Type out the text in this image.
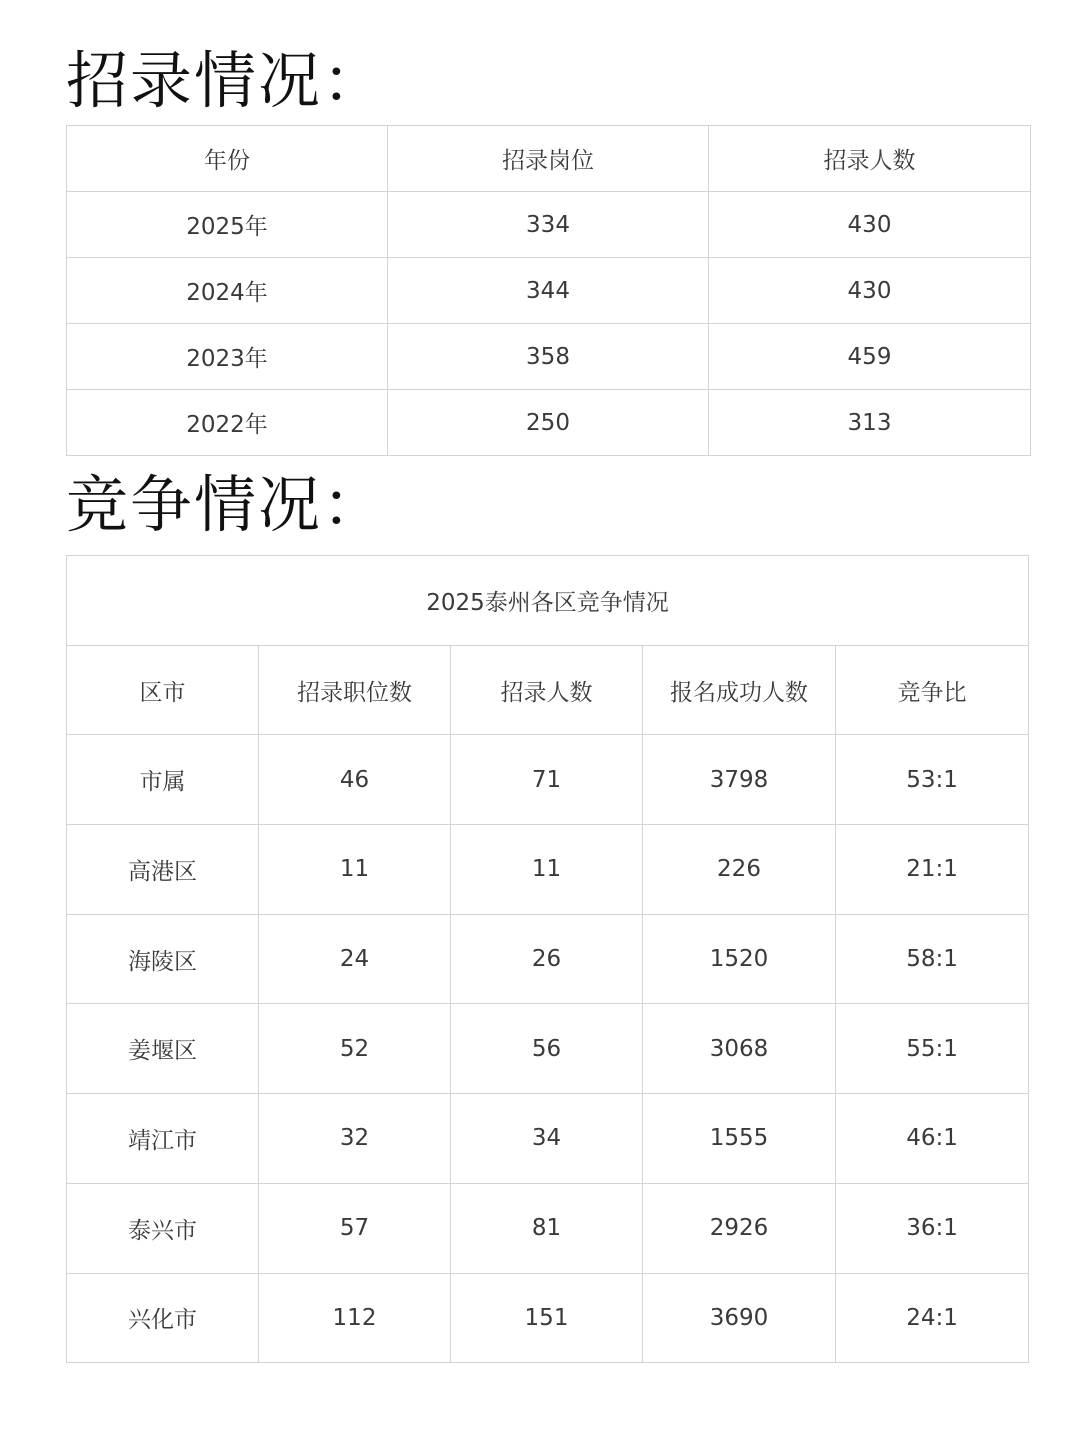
招录情况：
年份	招录岗位	招录人数
2025年	334	430
2024年	344	430
2023年	358	459
2022年	250	313
竞争情况：
2025泰州各区竞争情况				
区市	招录职位数	招录人数	报名成功人数	竞争比
市属	46	71	3798	53:1
高港区	11	11	226	21:1
海陵区	24	26	1520	58:1
姜堰区	52	56	3068	55:1
靖江市	32	34	1555	46:1
泰兴市	57	81	2926	36:1
兴化市	112	151	3690	24:1
